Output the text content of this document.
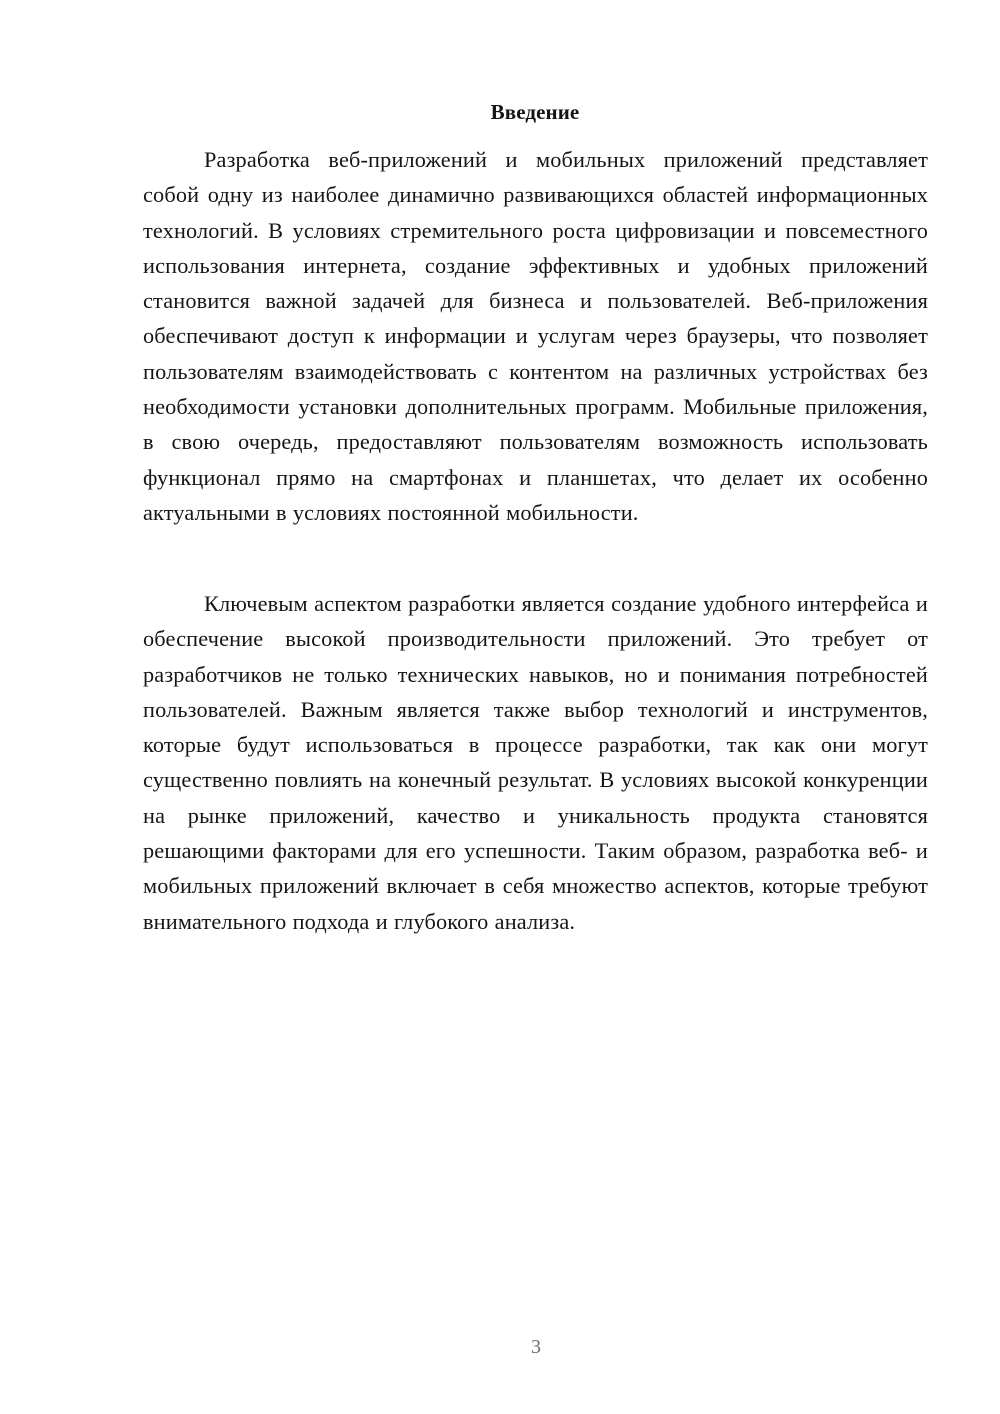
Введение

Разработка веб-приложений и мобильных приложений представляет собой одну из наиболее динамично развивающихся областей информационных технологий. В условиях стремительного роста цифровизации и повсеместного использования интернета, создание эффективных и удобных приложений становится важной задачей для бизнеса и пользователей. Веб-приложения обеспечивают доступ к информации и услугам через браузеры, что позволяет пользователям взаимодействовать с контентом на различных устройствах без необходимости установки дополнительных программ. Мобильные приложения, в свою очередь, предоставляют пользователям возможность использовать функционал прямо на смартфонах и планшетах, что делает их особенно актуальными в условиях постоянной мобильности.

Ключевым аспектом разработки является создание удобного интерфейса и обеспечение высокой производительности приложений. Это требует от разработчиков не только технических навыков, но и понимания потребностей пользователей. Важным является также выбор технологий и инструментов, которые будут использоваться в процессе разработки, так как они могут существенно повлиять на конечный результат. В условиях высокой конкуренции на рынке приложений, качество и уникальность продукта становятся решающими факторами для его успешности. Таким образом, разработка веб- и мобильных приложений включает в себя множество аспектов, которые требуют внимательного подхода и глубокого анализа.

3
